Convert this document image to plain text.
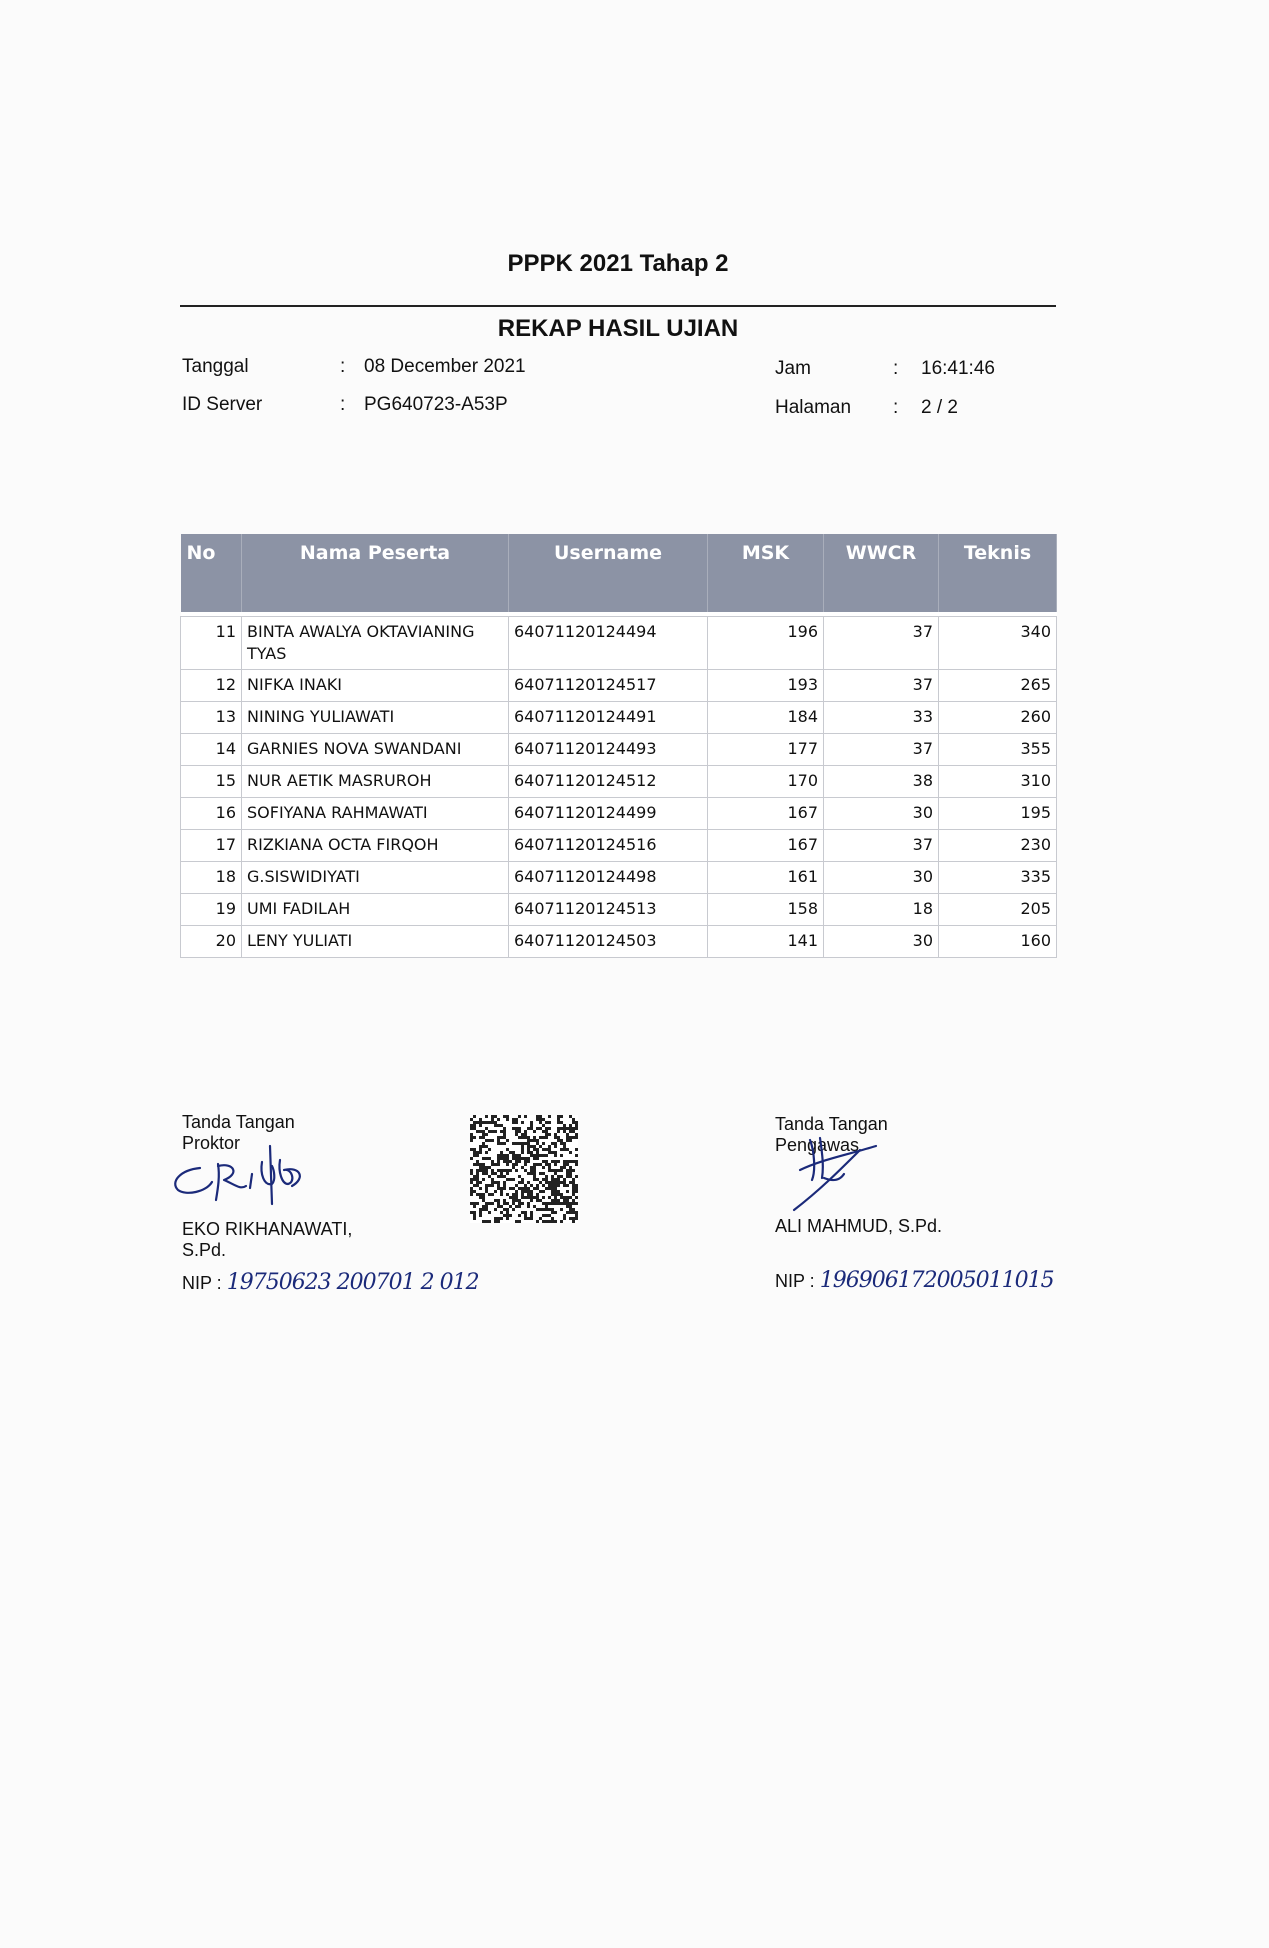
PPPK 2021 Tahap 2
REKAP HASIL UJIAN
Tanggal	: 08 December 2021
ID Server	: PG640723-A53P
Jam	: 16:41:46
Halaman : 2 / 2
No	Nama Peserta	Username	MSK	WWCR	Teknis

11	BINTA AWALYA OKTAVIANING TYAS	64071120124494	196	37	340
12	NIFKA INAKI	64071120124517	193	37	265
13	NINING YULIAWATI	64071120124491	184	33	260
14	GARNIES NOVA SWANDANI	64071120124493	177	37	355
15	NUR AETIK MASRUROH	64071120124512	170	38	310
16	SOFIYANA RAHMAWATI	64071120124499	167	30	195
17	RIZKIANA OCTA FIRQOH	64071120124516	167	37	230
18	G.SISWIDIYATI	64071120124498	161	30	335
19	UMI FADILAH	64071120124513	158	18	205
20	LENY YULIATI	64071120124503	141	30	160
Tanda Tangan
Proktor
EKO RIKHANAWATI,
S.Pd.
NIP : 19750623 200701 2 012
Tanda Tangan
Pengawas
ALI MAHMUD, S.Pd.
NIP : 196906172005011015
